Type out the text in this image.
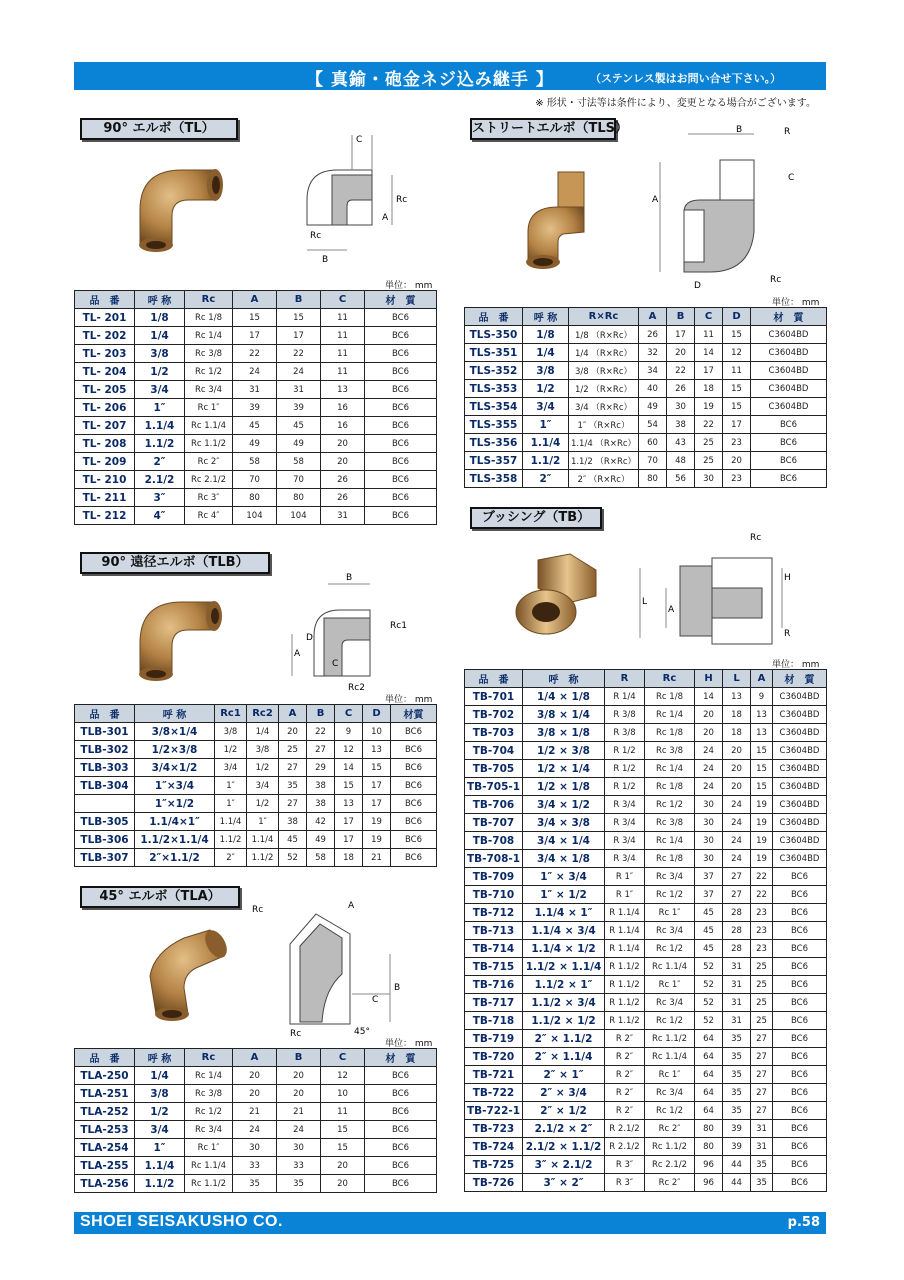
【 真鍮・砲金ネジ込み継手 】	（ステンレス製はお問い合せ下さい。）
※ 形状・寸法等は条件により、変更となる場合がございます。
90° エルボ（TL）
C
Rc
A
Rc
B
単位： mm
品　番	呼 称	Rc	A	B	C	材　質
TL- 201	1/8	Rc 1/8	15	15	11	BC6
TL- 202	1/4	Rc 1/4	17	17	11	BC6
TL- 203	3/8	Rc 3/8	22	22	11	BC6
TL- 204	1/2	Rc 1/2	24	24	11	BC6
TL- 205	3/4	Rc 3/4	31	31	13	BC6
TL- 206	1″	Rc 1″	39	39	16	BC6
TL- 207	1.1/4	Rc 1.1/4	45	45	16	BC6
TL- 208	1.1/2	Rc 1.1/2	49	49	20	BC6
TL- 209	2″	Rc 2″	58	58	20	BC6
TL- 210	2.1/2	Rc 2.1/2	70	70	26	BC6
TL- 211	3″	Rc 3″	80	80	26	BC6
TL- 212	4″	Rc 4″	104	104	31	BC6
ストリートエルボ（TLS）	B	R
C
A
D
Rc
単位： mm
品　番	呼 称	R×Rc	A	B	C	D	材　質
TLS-350	1/8	1/8 （R×Rc）	26	17	11	15	C3604BD
TLS-351	1/4	1/4 （R×Rc）	32	20	14	12	C3604BD
TLS-352	3/8	3/8 （R×Rc）	34	22	17	11	C3604BD
TLS-353	1/2	1/2 （R×Rc）	40	26	18	15	C3604BD
TLS-354	3/4	3/4 （R×Rc）	49	30	19	15	C3604BD
TLS-355	1″	1″ （R×Rc）	54	38	22	17	BC6
TLS-356	1.1/4	1.1/4 （R×Rc）	60	43	25	23	BC6
TLS-357	1.1/2	1.1/2 （R×Rc）	70	48	25	20	BC6
TLS-358	2″	2″ （R×Rc）	80	56	30	23	BC6
ブッシング（TB）
Rc
H
L
A
R
単位： mm
品　番	呼　称	R	Rc	H	L	A	材　質
TB-701	1/4 × 1/8	R 1/4	Rc 1/8	14	13	9	C3604BD
TB-702	3/8 × 1/4	R 3/8	Rc 1/4	20	18	13	C3604BD
TB-703	3/8 × 1/8	R 3/8	Rc 1/8	20	18	13	C3604BD
TB-704	1/2 × 3/8	R 1/2	Rc 3/8	24	20	15	C3604BD
TB-705	1/2 × 1/4	R 1/2	Rc 1/4	24	20	15	C3604BD
TB-705-1	1/2 × 1/8	R 1/2	Rc 1/8	24	20	15	C3604BD
TB-706	3/4 × 1/2	R 3/4	Rc 1/2	30	24	19	C3604BD
TB-707	3/4 × 3/8	R 3/4	Rc 3/8	30	24	19	C3604BD
TB-708	3/4 × 1/4	R 3/4	Rc 1/4	30	24	19	C3604BD
TB-708-1	3/4 × 1/8	R 3/4	Rc 1/8	30	24	19	C3604BD
TB-709	1″ × 3/4	R 1″	Rc 3/4	37	27	22	BC6
TB-710	1″ × 1/2	R 1″	Rc 1/2	37	27	22	BC6
TB-712	1.1/4 × 1″	R 1.1/4	Rc 1″	45	28	23	BC6
TB-713	1.1/4 × 3/4	R 1.1/4	Rc 3/4	45	28	23	BC6
TB-714	1.1/4 × 1/2	R 1.1/4	Rc 1/2	45	28	23	BC6
TB-715	1.1/2 × 1.1/4	R 1.1/2	Rc 1.1/4	52	31	25	BC6
TB-716	1.1/2 × 1″	R 1.1/2	Rc 1″	52	31	25	BC6
TB-717	1.1/2 × 3/4	R 1.1/2	Rc 3/4	52	31	25	BC6
TB-718	1.1/2 × 1/2	R 1.1/2	Rc 1/2	52	31	25	BC6
TB-719	2″ × 1.1/2	R 2″	Rc 1.1/2	64	35	27	BC6
TB-720	2″ × 1.1/4	R 2″	Rc 1.1/4	64	35	27	BC6
TB-721	2″ × 1″	R 2″	Rc 1″	64	35	27	BC6
TB-722	2″ × 3/4	R 2″	Rc 3/4	64	35	27	BC6
TB-722-1	2″ × 1/2	R 2″	Rc 1/2	64	35	27	BC6
TB-723	2.1/2 × 2″	R 2.1/2	Rc 2″	80	39	31	BC6
TB-724	2.1/2 × 1.1/2	R 2.1/2	Rc 1.1/2	80	39	31	BC6
TB-725	3″ × 2.1/2	R 3″	Rc 2.1/2	96	44	35	BC6
TB-726	3″ × 2″	R 3″	Rc 2″	96	44	35	BC6
90° 遠径エルボ（TLB）
B
Rc1
A
D
C
Rc2
単位： mm
品　番	呼 称	Rc1	Rc2	A	B	C	D	材質
TLB-301	3/8×1/4	3/8	1/4	20	22	9	10	BC6
TLB-302	1/2×3/8	1/2	3/8	25	27	12	13	BC6
TLB-303	3/4×1/2	3/4	1/2	27	29	14	15	BC6
TLB-304	1″×3/4	1″	3/4	35	38	15	17	BC6
	1″×1/2	1″	1/2	27	38	13	17	BC6
TLB-305	1.1/4×1″	1.1/4	1″	38	42	17	19	BC6
TLB-306	1.1/2×1.1/4	1.1/2	1.1/4	45	49	17	19	BC6
TLB-307	2″×1.1/2	2″	1.1/2	52	58	18	21	BC6
45° エルボ（TLA）
Rc	A
C
B
Rc	45°
単位： mm
品　番	呼 称	Rc	A	B	C	材　質
TLA-250	1/4	Rc 1/4	20	20	12	BC6
TLA-251	3/8	Rc 3/8	20	20	10	BC6
TLA-252	1/2	Rc 1/2	21	21	11	BC6
TLA-253	3/4	Rc 3/4	24	24	15	BC6
TLA-254	1″	Rc 1″	30	30	15	BC6
TLA-255	1.1/4	Rc 1.1/4	33	33	20	BC6
TLA-256	1.1/2	Rc 1.1/2	35	35	20	BC6
SHOEI SEISAKUSHO CO.	p.58
